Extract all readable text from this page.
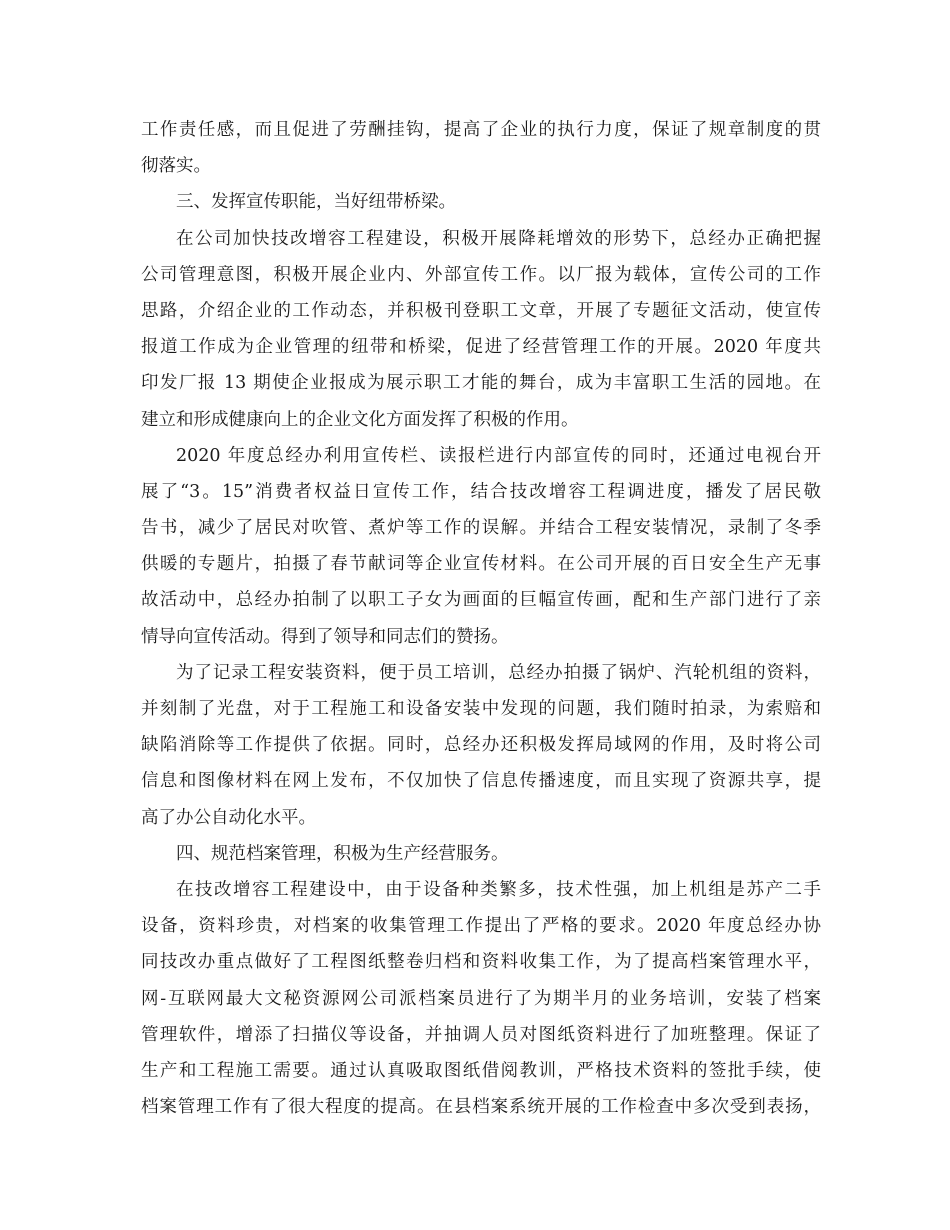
工作责任感，而且促进了劳酬挂钩，提高了企业的执行力度，保证了规章制度的贯
彻落实。
三、发挥宣传职能，当好纽带桥梁。
在公司加快技改增容工程建设，积极开展降耗增效的形势下，总经办正确把握
公司管理意图，积极开展企业内、外部宣传工作。以厂报为载体，宣传公司的工作
思路，介绍企业的工作动态，并积极刊登职工文章，开展了专题征文活动，使宣传
报道工作成为企业管理的纽带和桥梁，促进了经营管理工作的开展。2020 年度共
印发厂报 13 期使企业报成为展示职工才能的舞台，成为丰富职工生活的园地。在
建立和形成健康向上的企业文化方面发挥了积极的作用。
2020 年度总经办利用宣传栏、读报栏进行内部宣传的同时，还通过电视台开
展了“3。15”消费者权益日宣传工作，结合技改增容工程调进度，播发了居民敬
告书，减少了居民对吹管、煮炉等工作的误解。并结合工程安装情况，录制了冬季
供暖的专题片，拍摄了春节献词等企业宣传材料。在公司开展的百日安全生产无事
故活动中，总经办拍制了以职工子女为画面的巨幅宣传画，配和生产部门进行了亲
情导向宣传活动。得到了领导和同志们的赞扬。
为了记录工程安装资料，便于员工培训，总经办拍摄了锅炉、汽轮机组的资料，
并刻制了光盘，对于工程施工和设备安装中发现的问题，我们随时拍录，为索赔和
缺陷消除等工作提供了依据。同时，总经办还积极发挥局域网的作用，及时将公司
信息和图像材料在网上发布，不仅加快了信息传播速度，而且实现了资源共享，提
高了办公自动化水平。
四、规范档案管理，积极为生产经营服务。
在技改增容工程建设中，由于设备种类繁多，技术性强，加上机组是苏产二手
设备，资料珍贵，对档案的收集管理工作提出了严格的要求。2020 年度总经办协
同技改办重点做好了工程图纸整卷归档和资料收集工作，为了提高档案管理水平，
网-互联网最大文秘资源网公司派档案员进行了为期半月的业务培训，安装了档案
管理软件，增添了扫描仪等设备，并抽调人员对图纸资料进行了加班整理。保证了
生产和工程施工需要。通过认真吸取图纸借阅教训，严格技术资料的签批手续，使
档案管理工作有了很大程度的提高。在县档案系统开展的工作检查中多次受到表扬，
